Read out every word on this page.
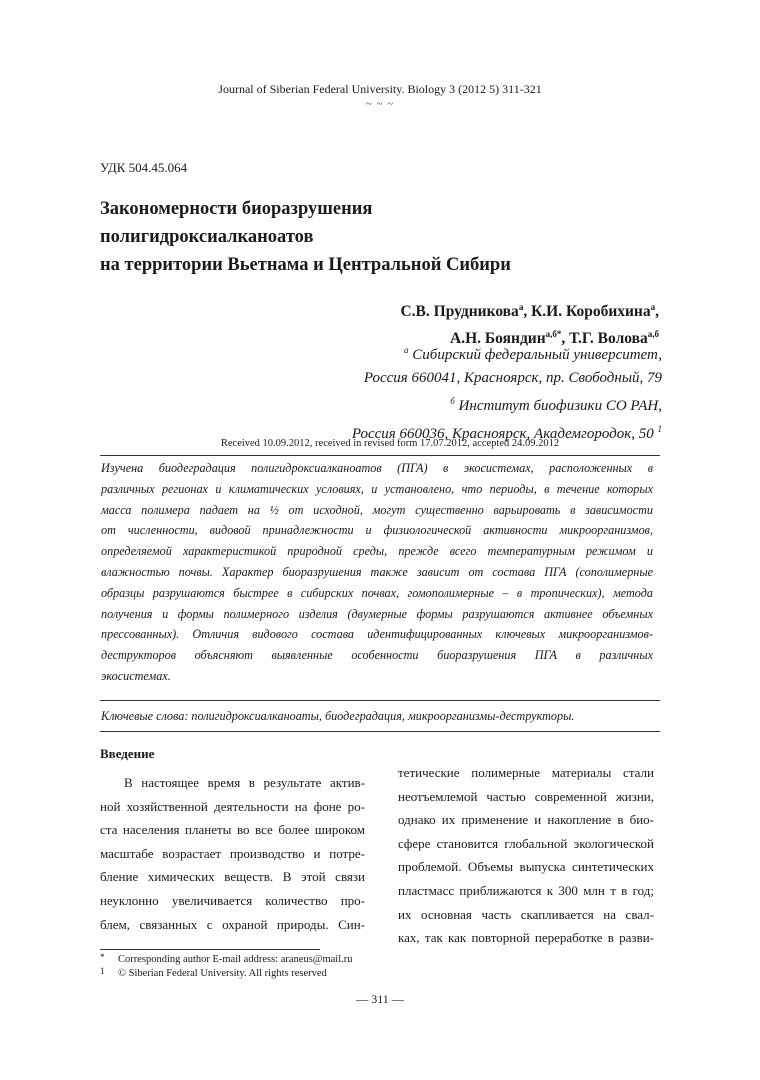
Journal of Siberian Federal University. Biology 3 (2012 5) 311-321
~ ~ ~
УДК 504.45.064
Закономерности биоразрушения
полигидроксиалканоатов
на территории Вьетнама и Центральной Сибири
С.В. Прудникова$^а$, К.И. Коробихина$^а$,
А.Н. Бояндин$^{а,б*}$, Т.Г. Волова$^{а,б}$
$^а$ Сибирский федеральный университет,
Россия 660041, Красноярск, пр. Свободный, 79
$^б$ Институт биофизики СО РАН,
Россия 660036, Красноярск, Академгородок, 50 $^1$
Received 10.09.2012, received in revised form 17.07.2012, accepted 24.09.2012
Изучена биодеградация полигидроксиалканоатов (ПГА) в экосистемах, расположенных в
различных регионах и климатических условиях, и установлено, что периоды, в течение которых
масса полимера падает на ½ от исходной, могут существенно варьировать в зависимости
от численности, видовой принадлежности и физиологической активности микроорганизмов,
определяемой характеристикой природной среды, прежде всего температурным режимом и
влажностью почвы. Характер биоразрушения также зависит от состава ПГА (сополимерные
образцы разрушаются быстрее в сибирских почвах, гомополимерные – в тропических), метода
получения и формы полимерного изделия (двумерные формы разрушаются активнее объемных
прессованных). Отличия видового состава идентифицированных ключевых микроорганизмов-
деструкторов объясняют выявленные особенности биоразрушения ПГА в различных
экосистемах.
Ключевые слова: полигидроксиалканоаты, биодеградация, микроорганизмы-деструкторы.
Введение
В настоящее время в результате актив-
ной хозяйственной деятельности на фоне ро-
ста населения планеты во все более широком
масштабе возрастает производство и потре-
бление химических веществ. В этой связи
неуклонно увеличивается количество про-
блем, связанных с охраной природы. Син-
тетические полимерные материалы стали
неотъемлемой частью современной жизни,
однако их применение и накопление в био-
сфере становится глобальной экологической
проблемой. Объемы выпуска синтетических
пластмасс приближаются к 300 млн т в год;
их основная часть скапливается на свал-
ках, так как повторной переработке в разви-
* Corresponding author E-mail address: araneus@mail.ru
1 © Siberian Federal University. All rights reserved
— 311 —
